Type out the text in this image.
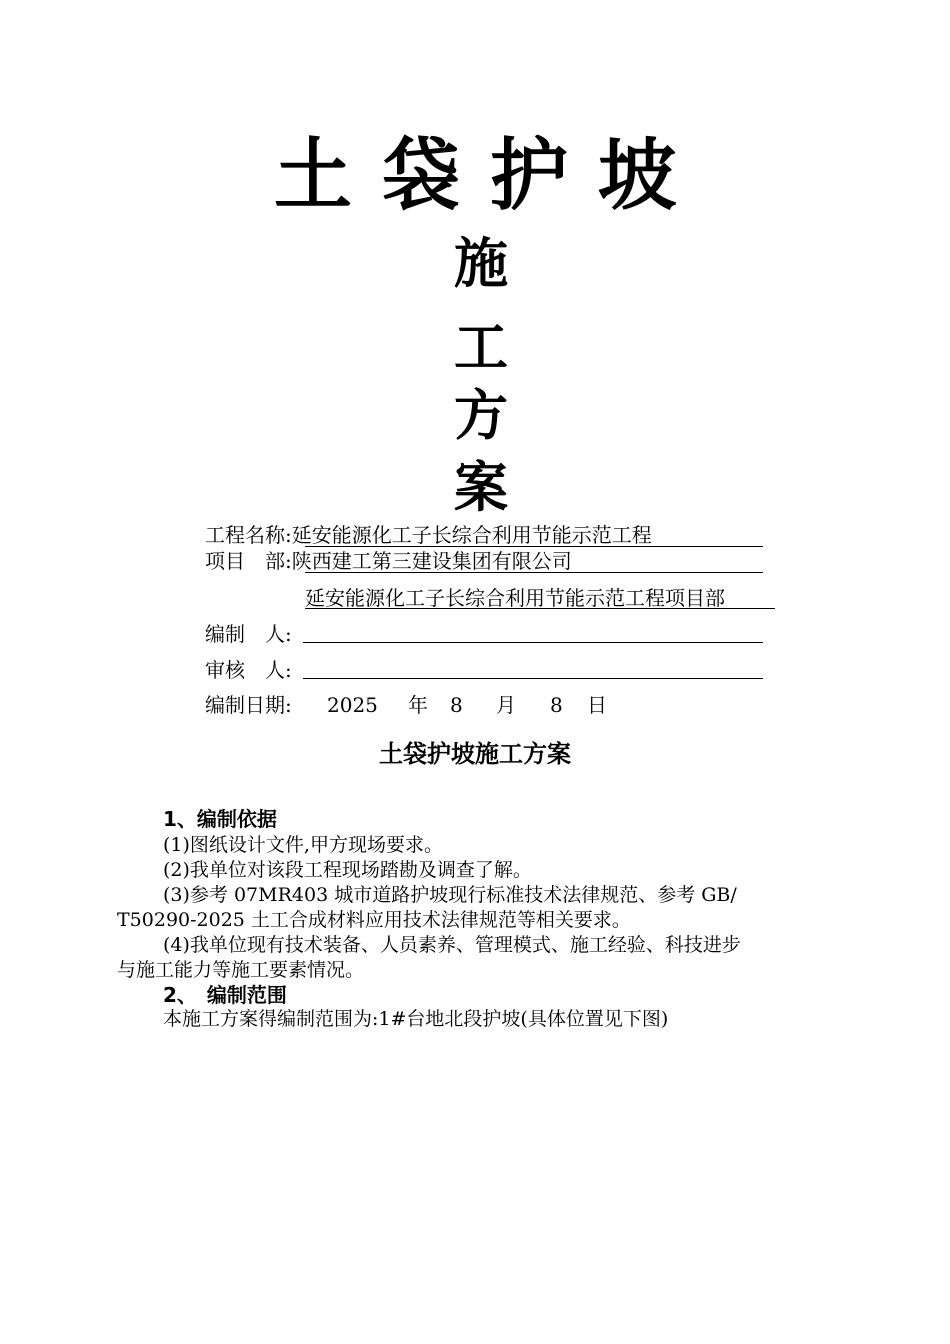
土袋护坡
施
工
方
案
工程名称:延安能源化工子长综合利用节能示范工程
项目　部:陕西建工第三建设集团有限公司
延安能源化工子长综合利用节能示范工程项目部
编制　人:
审核　人:
编制日期: 2025 年 8 月 8 日
土袋护坡施工方案
1、编制依据
(1)图纸设计文件,甲方现场要求。
(2)我单位对该段工程现场踏勘及调查了解。
(3)参考 07MR403 城市道路护坡现行标准技术法律规范、参考 GB/
T50290-2025 土工合成材料应用技术法律规范等相关要求。
(4)我单位现有技术装备、人员素养、管理模式、施工经验、科技进步
与施工能力等施工要素情况。
2、　编制范围
本施工方案得编制范围为:1#台地北段护坡(具体位置见下图)
